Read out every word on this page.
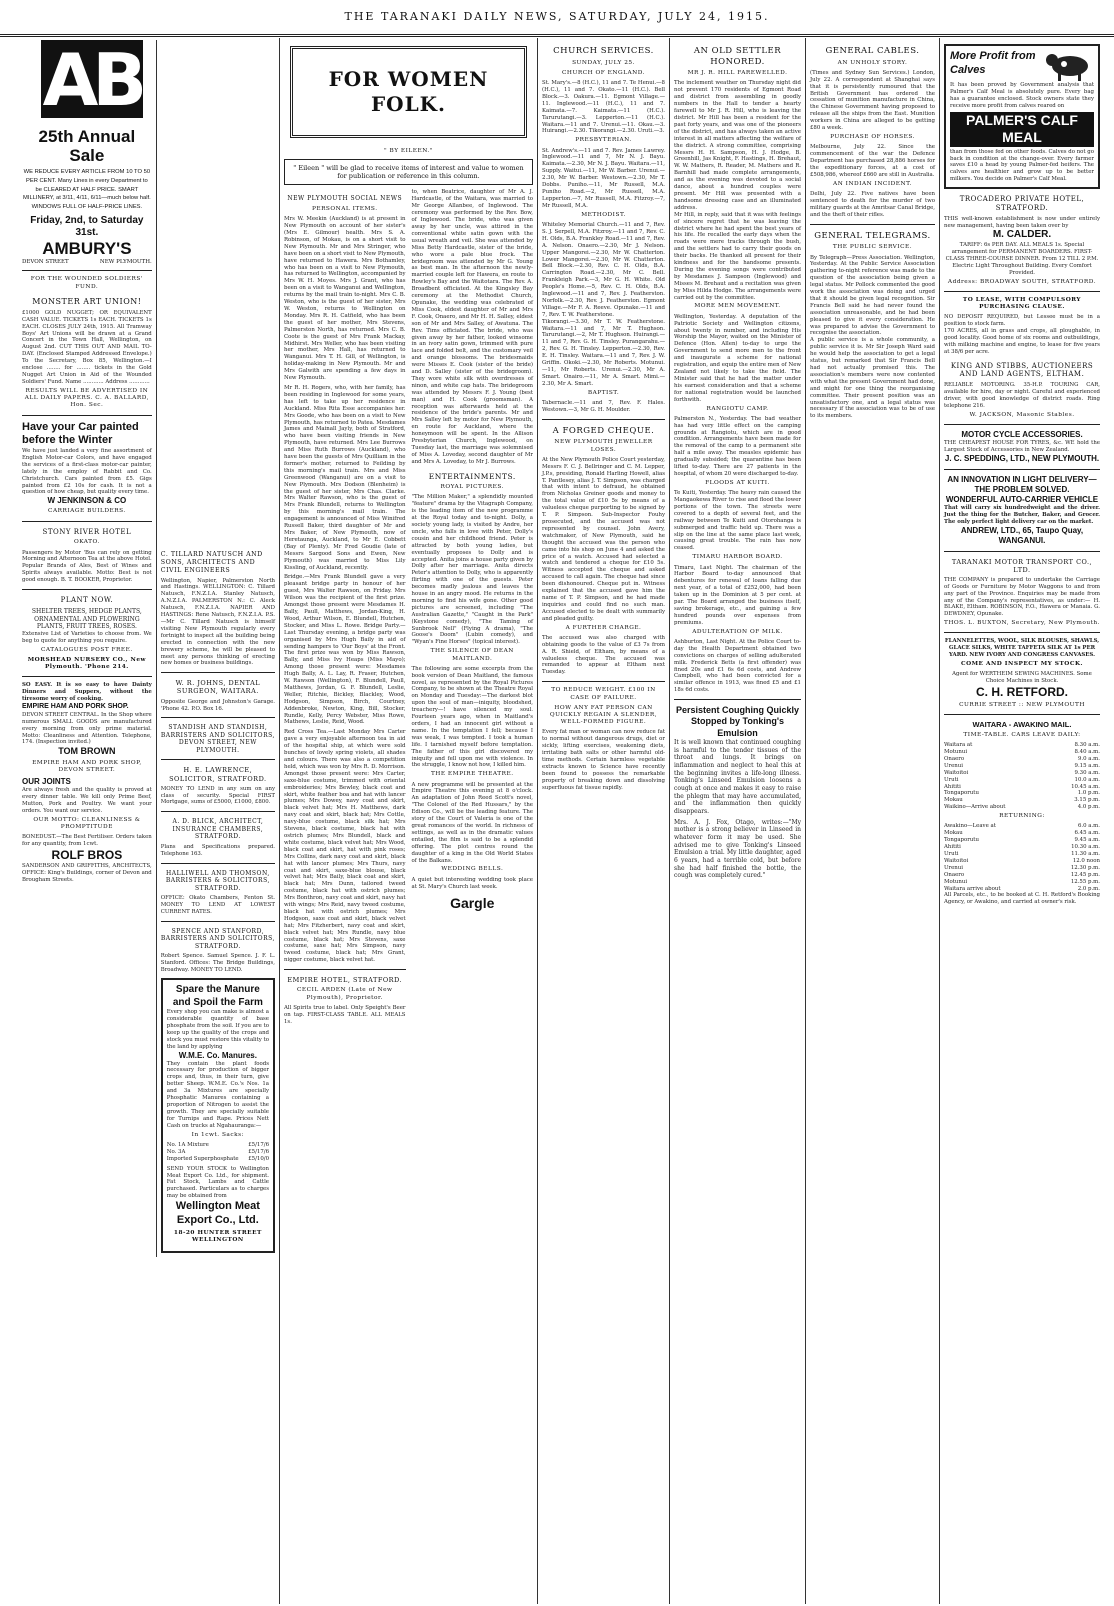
THE TARANAKI DAILY NEWS, SATURDAY, JULY 24, 1915.
AB
25th Annual Sale
WE REDUCE EVERY ARTICLE FROM 10 TO 50 PER CENT. Many Lines in every Department to be CLEARED AT HALF PRICE. SMART MILLINERY, at 3/11, 4/11, 6/11—much below half. WINDOWS FULL OF HALF-PRICE LINES.
Friday, 2nd, to Saturday 31st.
AMBURY'S
DEVON STREET	NEW PLYMOUTH.
FOR THE WOUNDED SOLDIERS' FUND.
MONSTER ART UNION!
£1000 GOLD NUGGET; OR EQUIVALENT CASH VALUE. TICKETS 1s EACH. TICKETS 1s EACH. CLOSES JULY 24th, 1915. All Tramway Boys' Art Unions will be drawn at a Grand Concert in the Town Hall, Wellington, on August 2nd. CUT THIS OUT AND MAIL TO-DAY. (Enclosed Stamped Addressed Envelope.) To the Secretary, Box 85, Wellington.—I enclose ........ for ........ tickets in the Gold Nugget Art Union in Aid of the Wounded Soldiers' Fund. Name ............ Address ............
RESULTS WILL BE ADVERTISED IN ALL DAILY PAPERS. C. A. BALLARD, Hon. Sec.
Have your Car painted before the Winter
We have just landed a very fine assortment of English Motor-car Colors, and have engaged the services of a first-class motor-car painter, lately in the employ of Rabbit and Co. Christchurch. Cars painted from £5. Gigs painted from £2 10s for cash. It is not a question of how cheap, but quality every time.
W JENKINSON & CO
CARRIAGE BUILDERS.
STONY RIVER HOTEL
OKATO.
Passengers by Motor 'Bus can rely on getting Morning and Afternoon Tea at the above Hotel. Popular Brands of Ales, Best of Wines and Spirits always available. Motto: Best is not good enough. B. T. BOOKER, Proprietor.
PLANT NOW.
SHELTER TREES, HEDGE PLANTS, ORNAMENTAL AND FLOWERING PLANTS, FRUIT TREES, ROSES.
Extensive List of Varieties to choose from. We beg to quote for anything you require.
CATALOGUES POST FREE.
MORSHEAD NURSERY CO., New Plymouth. 'Phone 214.
SO EASY. It is so easy to have Dainty Dinners and Suppers, without the tiresome worry of cooking.
EMPIRE HAM AND PORK SHOP.
DEVON STREET CENTRAL. In the Shop where numerous SMALL GOODS are manufactured every morning from only prime material. Motto: Cleanliness and Attention. Telephone, 174. (Inspection invited.)
TOM BROWN
EMPIRE HAM AND PORK SHOP, DEVON STREET.
OUR JOINTS
Are always fresh and the quality is proved at every dinner table. We kill only Prime Beef, Mutton, Pork and Poultry. We want your orders. You want our service.
OUR MOTTO: CLEANLINESS & PROMPTITUDE
BONEDUST.—The Best Fertiliser. Orders taken for any quantity, from 1cwt.
ROLF BROS
SANDERSON AND GRIFFITHS, ARCHITECTS, OFFICE: King's Buildings, corner of Devon and Brougham Streets.
C. TILLARD NATUSCH AND SONS, ARCHITECTS AND CIVIL ENGINEERS
Wellington, Napier, Palmerston North and Hastings. WELLINGTON: C. Tillard Natusch, F.N.Z.I.A. Stanley Natusch, A.N.Z.I.A. PALMERSTON N.: C. Aleck Natusch, F.N.Z.I.A. NAPIER AND HASTINGS: Rene Natusch, F.N.Z.I.A. P.S.—Mr C. Tillard Natusch is himself visiting New Plymouth regularly every fortnight to inspect all the building being erected in connection with the new brewery scheme, he will be pleased to meet any persons thinking of erecting new homes or business buildings.
W. R. JOHNS, DENTAL SURGEON, WAITARA.
Opposite George and Johnston's Garage. 'Phone 42. P.O. Box 16.
STANDISH AND STANDISH, BARRISTERS AND SOLICITORS, DEVON STREET, NEW PLYMOUTH.
H. E. LAWRENCE, SOLICITOR, STRATFORD.
MONEY TO LEND in any sum on any class of security. Special FIRST Mortgage, sums of £5000, £1000, £800.
A. D. BLICK, ARCHITECT, INSURANCE CHAMBERS, STRATFORD.
Plans and Specifications prepared. Telephone 163.
HALLIWELL AND THOMSON, BARRISTERS & SOLICITORS, STRATFORD.
OFFICE: Okato Chambers, Fenton St. MONEY TO LEND AT LOWEST CURRENT RATES.
SPENCE AND STANFORD, BARRISTERS AND SOLICITORS, STRATFORD.
Robert Spence. Samuel Spence. J. F. L. Stanford. Offices: The Bridge Buildings, Broadway. MONEY TO LEND.
Spare the Manure and Spoil the Farm
Every shop you can make is almost a considerable quantity of base phosphate from the soil. If you are to keep up the quality of the crops and stock you must restore this vitality to the land by applying
W.M.E. Co. Manures.
They contain the plant foods necessary for production of bigger crops and, thus, in their turn, give better Sheep. W.M.E. Co.'s Nos. 1a and 3a Mixtures are specially Phosphatic Manures containing a proportion of Nitrogen to assist the growth. They are specially suitable for Turnips and Rape. Prices Nett Cash on trucks at Ngahauranga:—
In 1cwt. Sacks:
No. 1A Mixture	£5/17/6
No. 3A	£5/17/6
Imported Superphosphate £5/10/0
SEND YOUR STOCK to Wellington Meat Export Co. Ltd., for shipment. Fat Stock, Lambs and Cattle purchased. Particulars as to charges may be obtained from
Wellington Meat Export Co., Ltd.
18-20 HUNTER STREET WELLINGTON
FOR WOMEN FOLK.
" BY EILEEN."
" Eileen " will be glad to receive items of interest and value to women for publication or reference in this column.
NEW PLYMOUTH SOCIAL NEWS
PERSONAL ITEMS.
Mrs W. Meekin (Auckland) is at present in New Plymouth on account of her sister's (Mrs E. Gilmour) health. Mrs S. A. Robinson, of Mokau, is on a short visit to New Plymouth. Mr and Mrs Stringer, who have been on a short visit to New Plymouth, have returned to Hawera. Mrs Bothamley, who has been on a visit to New Plymouth, has returned to Wellington, accompanied by Mrs W. H. Moyes. Mrs J. Grant, who has been on a visit to Wanganui and Wellington, returns by the mail train to-night. Mrs C. B. Weston, who is the guest of her sister, Mrs W. Weston, returns to Wellington on Monday. Mrs R. H. Catfield, who has been the guest of her mother, Mrs Stevens, Palmerston North, has returned. Mrs C. B. Coote is the guest of Mrs Frank Mackay, Midhirst. Mrs Weller, who has been visiting her mother, Mrs Hall, has returned to Wanganui. Mrs T. H. Gill, of Wellington, is holiday-making in New Plymouth. Mr and Mrs Galwith are spending a few days in New Plymouth.
Mr R. H. Rogers, who, with her family, has been residing in Inglewood for some years, has left to take up her residence in Auckland. Miss Rita Esse accompanies her. Mrs Goode, who has been on a visit to New Plymouth, has returned to Patea. Mesdames James and Mainall Jayly, both of Stratford, who have been visiting friends in New Plymouth, have returned. Mrs Lee Burrows and Miss Ruth Burrows (Auckland), who have been the guests of Mrs Quilliam in the former's mother, returned to Feilding by this morning's mail train. Mrs and Miss Greenwood (Wanganui) are on a visit to New Plymouth. Mrs Dodson (Blenheim) is the guest of her sister, Mrs Chas. Clarke. Mrs Walter Rawson, who is the guest of Mrs Frank Blundell, returns to Wellington by this morning's mail train. The engagement is announced of Miss Winifred Russell Baker, third daughter of Mr and Mrs Baker, of New Plymouth, now of Heretaunga, Auckland, to Mr E. Cobbett (Bay of Plenty). Mr Fred Goudie (late of Messrs Sargood Sons and Ewen, New Plymouth) was married to Miss Lily Kissling, of Auckland, recently.
Bridge.—Mrs Frank Blundell gave a very pleasant bridge party in honour of her guest, Mrs Walter Rawson, on Friday. Mrs Wilson was the recipient of the first prize. Amongst those present were Mesdames H. Bally, Paull, Matthews, Jordan-King, H. Wood, Arthur Wilson, E. Blundell, Hutchen, Stocker, and Miss L. Rowe. Bridge Party.—Last Thursday evening, a bridge party was organised by Mrs Hugh Baily in aid of sending hampers to 'Our Boys' at the Front. The first prize was won by Miss Rawson, Bally, and Miss Ivy Heaps (Miss Mayo); Among those present were: Mesdames Hugh Bally, A. L. Lay, R. Fraser, Hutchen, W. Rawson (Wellington), F. Blundell, Paull, Matthews, Jordan, G. F. Blundell, Leslie, Weller, Ritchie, Bickley, Blackley, Wood, Hodgson, Simpson, Birch, Courtney, Addenbroke, Newton, King, Bill, Stocker, Rundle, Kelly, Percy Webster, Miss Rowe, Mathews, Leslie, Reid, Wood.
Red Cross Tea.—Last Monday Mrs Carter gave a very enjoyable afternoon tea in aid of the hospital ship, at which were sold bunches of lovely spring violets, all shades and colours. There was also a competition held, which was won by Mrs R. D. Morrison. Amongst those present were: Mrs Carter, saxe-blue costume, trimmed with oriental embroideries; Mrs Bewley, black coat and skirt, white feather boa and hat with lancer plumes; Mrs Dowey, navy coat and skirt, black velvet hat; Mrs H. Matthews, dark navy coat and skirt, black hat; Mrs Cottle, navy-blue costume, black silk hat; Mrs Stevens, black costume, black hat with ostrich plumes; Mrs Blundell, black and white costume, black velvet hat; Mrs Wood, black coat and skirt, hat with pink roses; Mrs Collins, dark navy coat and skirt, black hat with lancer plumes; Mrs Thurs, navy coat and skirt, saxe-blue blouse, black velvet hat; Mrs Baily, black coat and skirt, black hat; Mrs Dunn, tailored tweed costume, black hat with ostrich plumes; Mrs Bonthron, navy coat and skirt, navy hat with wings; Mrs Reid, navy tweed costume, black hat with ostrich plumes; Mrs Hodgson, saxe coat and skirt, black velvet hat; Mrs Fitzherbert, navy coat and skirt, black velvet hat; Mrs Rundle, navy blue costume, black hat; Mrs Stevens, saxe costume, saxe hat; Mrs Simpson, navy tweed costume, black hat; Mrs Grant, nigger costume, black velvet hat.
EMPIRE HOTEL, STRATFORD.
CECIL ARDEN (Late of New Plymouth), Proprietor.
All Spirits true to label. Only Speight's Beer on tap. FIRST-CLASS TABLE. ALL MEALS 1s.
to, when Beatrice, daughter of Mr A. J. Hardcastle, of the Waitara, was married to Mr George Allanbee, of Inglewood. The ceremony was performed by the Rev. Bow, of Inglewood. The bride, who was given away by her uncle, was attired in the conventional white satin gown with the usual wreath and veil. She was attended by Miss Betty Hardcastle, sister of the bride, who wore a pale blue frock. The bridegroom was attended by Mr G. Young as best man. In the afternoon the newly-married couple left for Hawera, en route to Rowley's Bay and the Waitotara. The Rev. A. Broadbent officiated. At the Kingsley Bay ceremony at the Methodist Church, Opunake, the wedding was celebrated of Miss Cook, eldest daughter of Mr and Mrs F. Cook, Onaero, and Mr H. H. Salley, eldest son of Mr and Mrs Salley, of Awatuna. The Rev. Tims officiated. The bride, who was given away by her father, looked winsome in an ivory satin gown, trimmed with pure lace and folded belt, and the customary veil and orange blossoms. The bridesmaids were Misses E. Cook (sister of the bride) and D. Salley (sister of the bridegroom). They wore white silk with overdresses of ninon, and white cap hats. The bridegroom was attended by Messrs F. J. Young (best man) and H. Cook (groomsman). A reception was afterwards held at the residence of the bride's parents. Mr and Mrs Salley left by motor for New Plymouth, en route for Auckland, where the honeymoon will be spent. In the Allison Presbyterian Church, Inglewood, on Tuesday last, the marriage was solemnised of Miss A. Loveday, second daughter of Mr and Mrs A. Loveday, to Mr J. Burrows.
ENTERTAINMENTS.
ROYAL PICTURES.
"The Million Maker," a splendidly mounted "feature" drama by the Vitagraph Company, is the leading item of the new programme at the Royal today and to-night. Dolly, a society young lady, is visited by Andre, her uncle, who falls in love with Peter, Dolly's cousin and her childhood friend. Peter is attracted by both young ladies, but eventually proposes to Dolly and is accepted. Anita joins a house party given by Dolly after her marriage. Anita directs Peter's attention to Dolly, who is apparently flirting with one of the guests. Peter becomes madly jealous and leaves the house in an angry mood. He returns in the morning to find his wife gone. Other good pictures are screened, including "The Australian Gazette," "Caught in the Park" (Keystone comedy), "The Taming of Sunbrook Nell" (Flying A drama), "The Goose's Doom" (Lubin comedy), and "Wyan's Fine Horses" (topical interest).
THE SILENCE OF DEAN MAITLAND.
The following are some excerpts from the book version of Dean Maitland, the famous novel, as represented by the Royal Pictures Company, to be shown at the Theatre Royal on Monday and Tuesday:—The darkest blot upon the soul of man—iniquity, bloodshed, treachery—! have silenced my soul. Fourteen years ago, when in Maitland's orders, I had an innocent girl without a name. In the temptation I fell; because I was weak, I was tempted. I took a human life. I tarnished myself before temptation. The father of this girl discovered my iniquity and fell upon me with violence. In the struggle, I know not how, I killed him.
THE EMPIRE THEATRE.
A new programme will be presented at the Empire Theatre this evening at 8 o'clock. An adaptation of John Reed Scott's novel, "The Colonel of the Red Hussars," by the Edison Co., will be the leading feature. The story of the Court of Valeria is one of the great romances of the world. In richness of settings, as well as in the dramatic values entailed, the film is said to be a splendid offering. The plot centres round the daughter of a king in the Old World States of the Balkans.
WEDDING BELLS.
A quiet but interesting wedding took place at St. Mary's Church last week.
Gargle
CHURCH SERVICES.
SUNDAY, JULY 25.
CHURCH OF ENGLAND.
St. Mary's.—8 (H.C.), 11 and 7. Te Henui.—8 (H.C.), 11 and 7. Okato.—11 (H.C.). Bell Block.—3. Oakura.—11. Egmont Village.—11. Inglewood.—11 (H.C.), 11 and 7. Kaimata.—7. Kaimata.—11 (H.C.). Tarurutangi.—3. Lepperton.—11 (H.C.). Waitara.—11 and 7. Urenui.—11. Okau.—3. Huirangi.—2.30. Tikorangi.—2.30. Uruti.—3.
PRESBYTERIAN.
St. Andrew's.—11 and 7. Rev. James Lawrey. Inglewood.—11 and 7, Mr N. J. Bayu. Kaimata.—2.30, Mr N. J. Bayu. Waitara.—11, Supply. Waitui.—11, Mr W. Barber. Urenui.—2.30, Mr W. Barber. Westown.—2.30, Mr T. Dobbs. Puniho.—11, Mr Russell, M.A. Puniho Road.—2, Mr Russell, M.A. Lepperton.—7, Mr Russell, M.A. Fitzroy.—7, Mr Russell, M.A.
METHODIST.
Whiteley Memorial Church.—11 and 7, Rev. S. J. Serpell, M.A. Fitzroy.—11 and 7, Rev. C. H. Olds, B.A. Frankley Road.—11 and 7, Rev. A. Nelson. Onaero.—2.30, Mr J. Nelson. Upper Mangorei.—2.30, Mr W. Chatterton. Lower Mangorei.—2.30, Mr W. Chatterton. Bell Block.—2.30, Rev. C. H. Olds, B.A. Carrington Road.—2.30, Mr C. Bell. Frankleigh Park.—3, Mr G. H. White. Old People's Home.—5, Rev. C. H. Olds, B.A. Inglewood.—11 and 7, Rev. J. Featherston. Norfolk.—2.30, Rev. J. Featherston. Egmont Village.—Mr F. A. Reeve. Opunake.—11 and 7, Rev. T. W. Featherstone.
Tikorangi.—3.30, Mr T. W. Featherstone. Waitara.—11 and 7, Mr T. Hughson. Tarurutangi.—2, Mr T. Hughson. Huirangi.—11 and 7, Rev. G. H. Tinsley. Purangarahu.—2, Rev. G. H. Tinsley. Lepperton.—2.30, Rev. E. H. Tinsley. Waitara.—11 and 7, Rev. J. W. Griffin. Okoki.—2.30, Mr Roberts. Motunui.—11, Mr Roberts. Urenui.—2.30, Mr A. Smart. Onairo.—11, Mr A. Smart. Mimi.—2.30, Mr A. Smart.
BAPTIST.
Tabernacle.—11 and 7, Rev. F. Hales. Westown.—3, Mr G. H. Moulder.
A FORGED CHEQUE.
NEW PLYMOUTH JEWELLER LOSES.
At the New Plymouth Police Court yesterday, Messrs F. C. J. Bellringer and C. M. Lepper, J.P.s, presiding, Ronald Harling Howell, alias T. Pantlesey, alias J. T. Simpson, was charged that with intent to defraud, he obtained from Nicholas Greiner goods and money to the total value of £10 5s by means of a valueless cheque purporting to be signed by T. P. Simpson. Sub-Inspector Fouhy prosecuted, and the accused was not represented by counsel. John Avery, watchmaker, of New Plymouth, said he thought the accused was the person who came into his shop on June 4 and asked the price of a watch. Accused had selected a watch and tendered a cheque for £10 5s. Witness accepted the cheque and asked accused to call again. The cheque had since been dishonoured. Cheque put in. Witness explained that the accused gave him the name of T. P. Simpson, and he had made inquiries and could find no such man. Accused elected to be dealt with summarily and pleaded guilty.
A FURTHER CHARGE.
The accused was also charged with obtaining goods to the value of £3 7s from A. R. Shield, of Eltham, by means of a valueless cheque. The accused was remanded to appear at Eltham next Tuesday.
TO REDUCE WEIGHT. £100 IN CASE OF FAILURE.
HOW ANY FAT PERSON CAN QUICKLY REGAIN A SLENDER, WELL-FORMED FIGURE.
Every fat man or woman can now reduce fat to normal without dangerous drugs, diet or sickly, lifting exercises, weakening diets, irritating bath salts or other harmful old-time methods. Certain harmless vegetable extracts known to Science have recently been found to possess the remarkable property of breaking down and dissolving superfluous fat tissue rapidly.
AN OLD SETTLER HONORED.
MR J. R. HILL FAREWELLED.
The inclement weather on Thursday night did not prevent 170 residents of Egmont Road and district from assembling in goodly numbers in the Hall to tender a hearty farewell to Mr J. R. Hill, who is leaving the district. Mr Hill has been a resident for the past forty years, and was one of the pioneers of the district, and has always taken an active interest in all matters affecting the welfare of the district. A strong committee, comprising Messrs H. H. Sampson, H. J. Hodge, B. Greenhill, Jas Knight, F. Hastings, H. Brehaut, W. W. Mathers, R. Reader, M. Mathers and R. Barnhill had made complete arrangements, and as the evening was devoted to a social dance, about a hundred couples were present. Mr Hill was presented with a handsome dressing case and an illuminated address.
Mr Hill, in reply, said that it was with feelings of sincere regret that he was leaving the district where he had spent the best years of his life. He recalled the early days when the roads were mere tracks through the bush, and the settlers had to carry their goods on their backs. He thanked all present for their kindness and for the handsome presents. During the evening songs were contributed by Mesdames J. Sampson (Inglewood) and Misses M. Brehaut and a recitation was given by Miss Hilda Hodge. The arrangements were carried out by the committee.
MORE MEN MOVEMENT.
Wellington, Yesterday. A deputation of the Patriotic Society and Wellington citizens, about twenty in number, and including His Worship the Mayor, waited on the Minister of Defence (Hon. Allen) to-day to urge the Government to send more men to the front and inaugurate a scheme for national registration, and equip the entire men of New Zealand not likely to take the field. The Minister said that he had the matter under his earnest consideration and that a scheme for national registration would be launched forthwith.
RANGIOTU CAMP.
Palmerston N., Yesterday. The bad weather has had very little effect on the camping grounds at Rangiotu, which are in good condition. Arrangements have been made for the removal of the camp to a permanent site half a mile away. The measles epidemic has gradually subsided; the quarantine has been lifted to-day. There are 27 patients in the hospital, of whom 20 were discharged to-day.
FLOODS AT KUITI.
Te Kuiti, Yesterday. The heavy rain caused the Mangaokewa River to rise and flood the lower portions of the town. The streets were covered to a depth of several feet, and the railway between Te Kuiti and Otorohanga is submerged and traffic held up. There was a slip on the line at the same place last week, causing great trouble. The rain has now ceased.
TIMARU HARBOR BOARD.
Timaru, Last Night. The chairman of the Harbor Board to-day announced that debentures for renewal of loans falling due next year, of a total of £252,000, had been taken up in the Dominion at 5 per cent. at par. The Board arranged the business itself, saving brokerage, etc., and gaining a few hundred pounds over expenses from premiums.
ADULTERATION OF MILK.
Ashburton, Last Night. At the Police Court to-day the Health Department obtained two convictions on charges of selling adulterated milk. Frederick Betts (a first offender) was fined 20s and £1 6s 6d costs, and Andrew Campbell, who had been convicted for a similar offence in 1913, was fined £5 and £1 18s 6d costs.
Persistent Coughing Quickly Stopped by Tonking's Emulsion
It is well known that continued coughing is harmful to the tender tissues of the throat and lungs. It brings on inflammation and neglect to heal this at the beginning invites a life-long illness. Tonking's Linseed Emulsion loosens a cough at once and makes it easy to raise the phlegm that may have accumulated, and the inflammation then quickly disappears.
Mrs. A. J. Fox, Otago, writes:—"My mother is a strong believer in Linseed in whatever form it may be used. She advised me to give Tonking's Linseed Emulsion a trial. My little daughter, aged 6 years, had a terrible cold, but before she had half finished the bottle, the cough was completely cured."
GENERAL CABLES.
AN UNHOLY STORY.
(Times and Sydney Sun Services.) London, July 22. A correspondent at Shanghai says that it is persistently rumoured that the British Government has ordered the cessation of munition manufacture in China, the Chinese Government having proposed to release all the ships from the East. Munition workers in China are alleged to be getting £80 a week.
PURCHASE OF HORSES.
Melbourne, July 22. Since the commencement of the war the Defence Department has purchased 28,886 horses for the expeditionary forces, at a cost of £508,986, whereof £660 are still in Australia.
AN INDIAN INCIDENT.
Delhi, July 22. Five natives have been sentenced to death for the murder of two military guards at the Amritsar Canal Bridge, and the theft of their rifles.
GENERAL TELEGRAMS.
THE PUBLIC SERVICE.
By Telegraph—Press Association. Wellington, Yesterday. At the Public Service Association gathering to-night reference was made to the question of the association being given a legal status. Mr Pollock commented the good work the association was doing and urged that it should be given legal recognition. Sir Francis Bell said he had never found the association unreasonable, and he had been pleased to give it every consideration. He was prepared to advise the Government to recognise the association.
A public service is a whole community, a public service it is. Mr Sir Joseph Ward said he would help the association to get a legal status, but remarked that Sir Francis Bell had not actually promised this. The association's members were now contented with what the present Government had done, and might for one thing the reorganising committee. Their present position was an unsatisfactory one, and a legal status was necessary if the association was to be of use to its members.
More Profit from Calves
It has been proved by Government analysis that Palmer's Calf Meal is absolutely pure. Every bag has a guarantee enclosed. Stock owners state they receive more profit from calves reared on
PALMER'S CALF MEAL
than from those fed on other foods. Calves do not go back in condition at the change-over. Every farmer saves £10 a head by young Palmer-fed heifers. The calves are healthier and grow up to be better milkers. You decide on Palmer's Calf Meal.
TROCADERO PRIVATE HOTEL, STRATFORD.
THIS well-known establishment is now under entirely new management, having been taken over by
M. CALDER.
TARIFF: 6s PER DAY. ALL MEALS 1s. Special arrangement for PERMANENT BOARDERS. FIRST-CLASS THREE-COURSE DINNER. From 12 TILL 2 P.M. Electric Light Throughout Building. Every Comfort Provided.
Address: BROADWAY SOUTH, STRATFORD.
TO LEASE, WITH COMPULSORY PURCHASING CLAUSE.
NO DEPOSIT REQUIRED, but Lessee must be in a position to stock farm.
170 ACRES, all in grass and crops, all ploughable, in good locality. Good home of six rooms and outbuildings, with milking machine and engine, to lease for five years at 38/6 per acre.
KING AND STIBBS, AUCTIONEERS AND LAND AGENTS, ELTHAM.
RELIABLE MOTORING. 35-H.P. TOURING CAR, available for hire, day or night. Careful and experienced driver, with good knowledge of district roads. Ring telephone 216.
W. JACKSON, Masonic Stables.
MOTOR CYCLE ACCESSORIES.
THE CHEAPEST HOUSE FOR TYRES, &c. WE hold the Largest Stock of Accessories in New Zealand.
J. C. SPEDDING, LTD., NEW PLYMOUTH.
AN INNOVATION IN LIGHT DELIVERY—THE PROBLEM SOLVED.
WONDERFUL AUTO-CARRIER VEHICLE
That will carry six hundredweight and the driver. Just the thing for the Butcher, Baker, and Grocer. The only perfect light delivery car on the market.
ANDREW, LTD., 65, Taupo Quay, WANGANUI.
TARANAKI MOTOR TRANSPORT CO., LTD.
THE COMPANY is prepared to undertake the Carriage of Goods or Furniture by Motor Waggons to and from any part of the Province. Enquiries may be made from any of the Company's representatives, as under:— H. BLAKE, Eltham. ROBINSON, F.O., Hawera or Manaia. G. DEWDNEY, Opunake.
THOS. L. BUXTON, Secretary, New Plymouth.
FLANNELETTES, WOOL, SILK BLOUSES, SHAWLS, GLACE SILKS, WHITE TAFFETA SILK AT 1s PER YARD. NEW IVORY AND CONGRESS CANVASES.
COME AND INSPECT MY STOCK.
Agent for WERTHEIM SEWING MACHINES. Some Choice Machines in Stock.
C. H. RETFORD.
CURRIE STREET :: NEW PLYMOUTH
WAITARA - AWAKINO MAIL.
TIME-TABLE. CARS LEAVE DAILY:
Waitara at	8.30 a.m.
Motunui	8.40 a.m.
Onaero	9.0 a.m.
Urenui	9.15 a.m.
Waitoitoi	9.30 a.m.
Uruti	10.0 a.m.
Ahititi	10.45 a.m.
Tongaporutu	1.0 p.m.
Mokau	3.15 p.m.
Waikino—Arrive about	4.0 p.m.
RETURNING:
Awakino—Leave at	6.0 a.m.
Mokau	6.45 a.m.
Tongaporutu	9.45 a.m.
Ahititi	10.30 a.m.
Uruti	11.30 a.m.
Waitoitoi	12.0 noon
Urenui	12.30 p.m.
Onaero	12.45 p.m.
Motunui	12.55 p.m.
Waitara arrive about	2.0 p.m.
All Parcels, etc., to be booked at C. H. Retford's Booking Agency, or Awakino, and carried at owner's risk.
